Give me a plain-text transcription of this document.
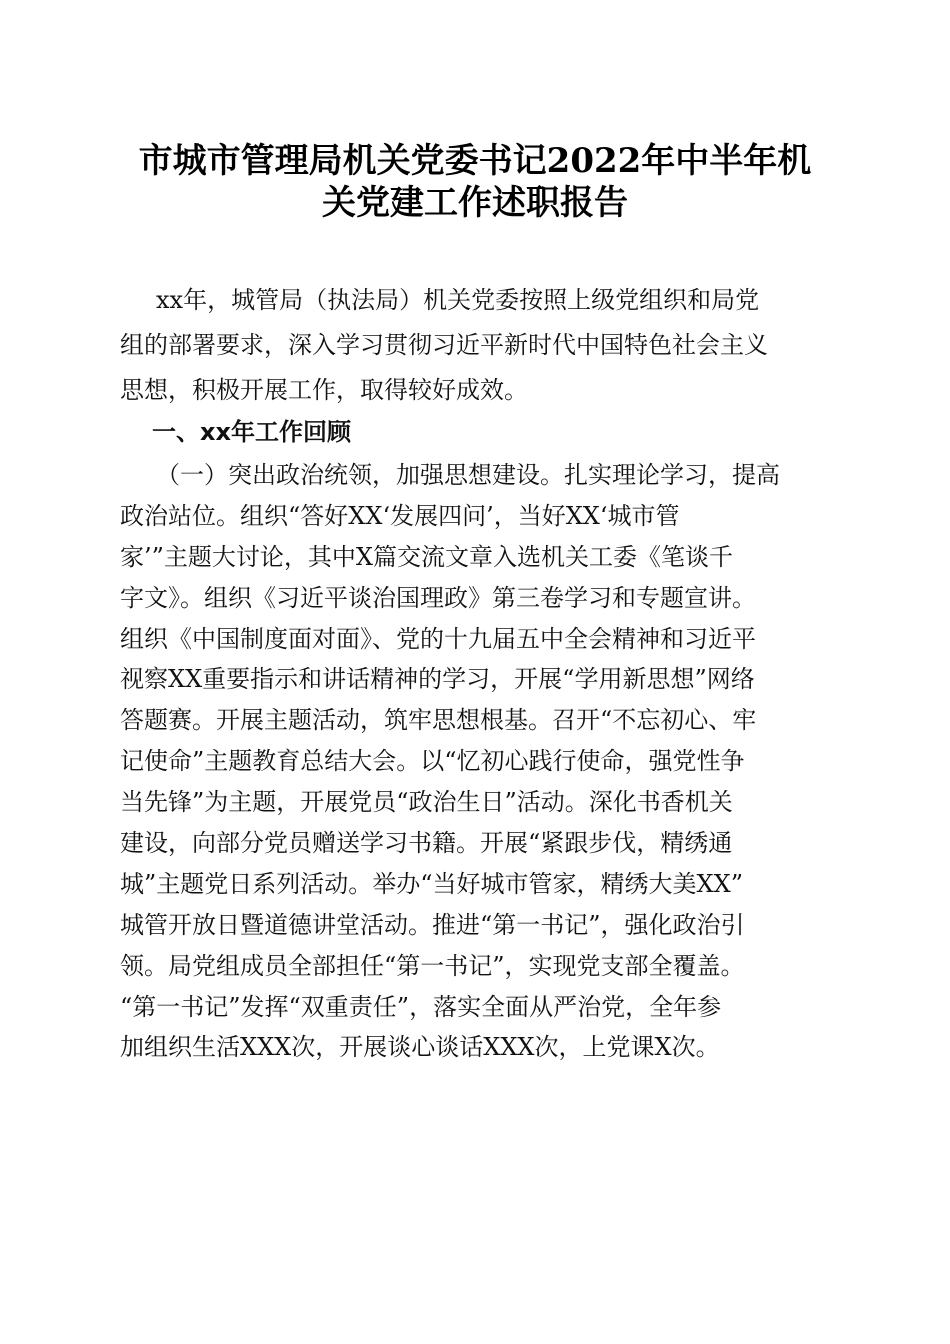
市城市管理局机关党委书记2022年中半年机
关党建工作述职报告
xx年，城管局（执法局）机关党委按照上级党组织和局党
组的部署要求，深入学习贯彻习近平新时代中国特色社会主义
思想，积极开展工作，取得较好成效。
一、xx年工作回顾
（一）突出政治统领，加强思想建设。扎实理论学习，提高
政治站位。组织“答好XX‘发展四问’，当好XX‘城市管
家’”主题大讨论，其中X篇交流文章入选机关工委《笔谈千
字文》。组织《习近平谈治国理政》第三卷学习和专题宣讲。
组织《中国制度面对面》、党的十九届五中全会精神和习近平
视察XX重要指示和讲话精神的学习，开展“学用新思想”网络
答题赛。开展主题活动，筑牢思想根基。召开“不忘初心、牢
记使命”主题教育总结大会。以“忆初心践行使命，强党性争
当先锋”为主题，开展党员“政治生日”活动。深化书香机关
建设，向部分党员赠送学习书籍。开展“紧跟步伐，精绣通
城”主题党日系列活动。举办“当好城市管家，精绣大美XX”
城管开放日暨道德讲堂活动。推进“第一书记”，强化政治引
领。局党组成员全部担任“第一书记”，实现党支部全覆盖。
“第一书记”发挥“双重责任”，落实全面从严治党，全年参
加组织生活XXX次，开展谈心谈话XXX次，上党课X次。
